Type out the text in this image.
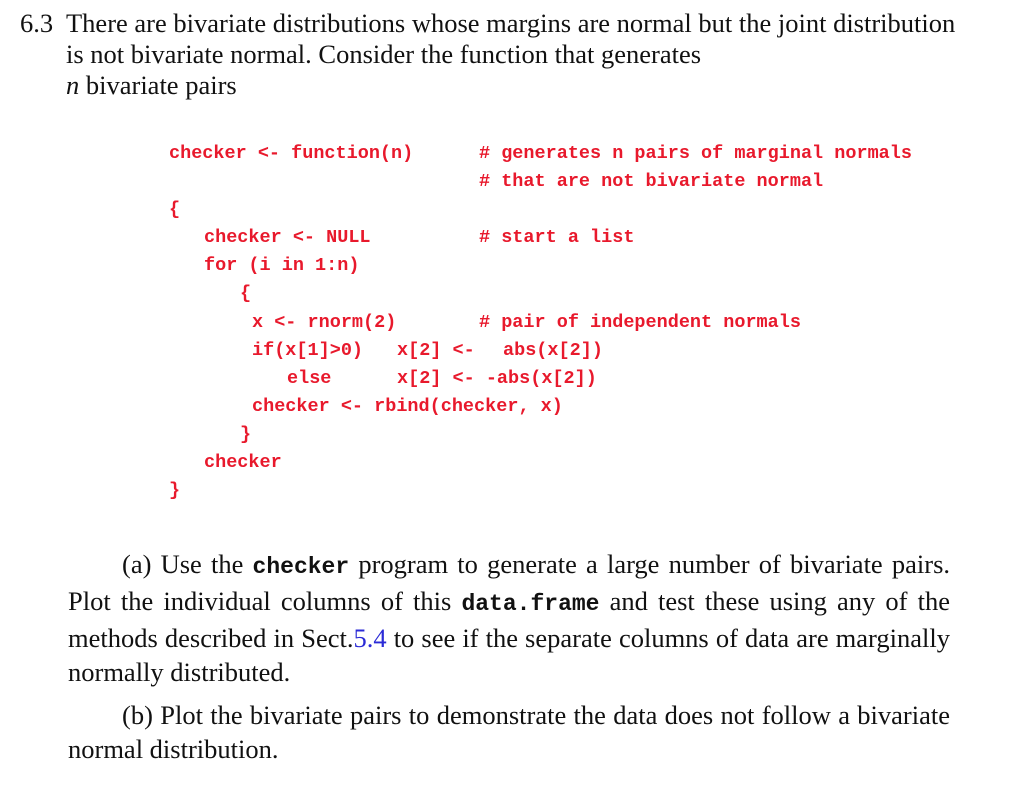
6.3 There are bivariate distributions whose margins are normal but the joint distribution is not bivariate normal. Consider the function that generates
n bivariate pairs
checker <- function(n)	# generates n pairs of marginal normals
# that are not bivariate normal
{
checker <- NULL	# start a list
for (i in 1:n)
{
x <- rnorm(2)	# pair of independent normals
if(x[1]>0) x[2] <- abs(x[2])
else	x[2] <- -abs(x[2])
checker <- rbind(checker, x)
}
checker
}
(a) Use the checker program to generate a large number of bivariate pairs. Plot the individual columns of this data.frame and test these using any of the methods described in Sect.5.4 to see if the separate columns of data are marginally normally distributed.
(b) Plot the bivariate pairs to demonstrate the data does not follow a bivariate normal distribution.
